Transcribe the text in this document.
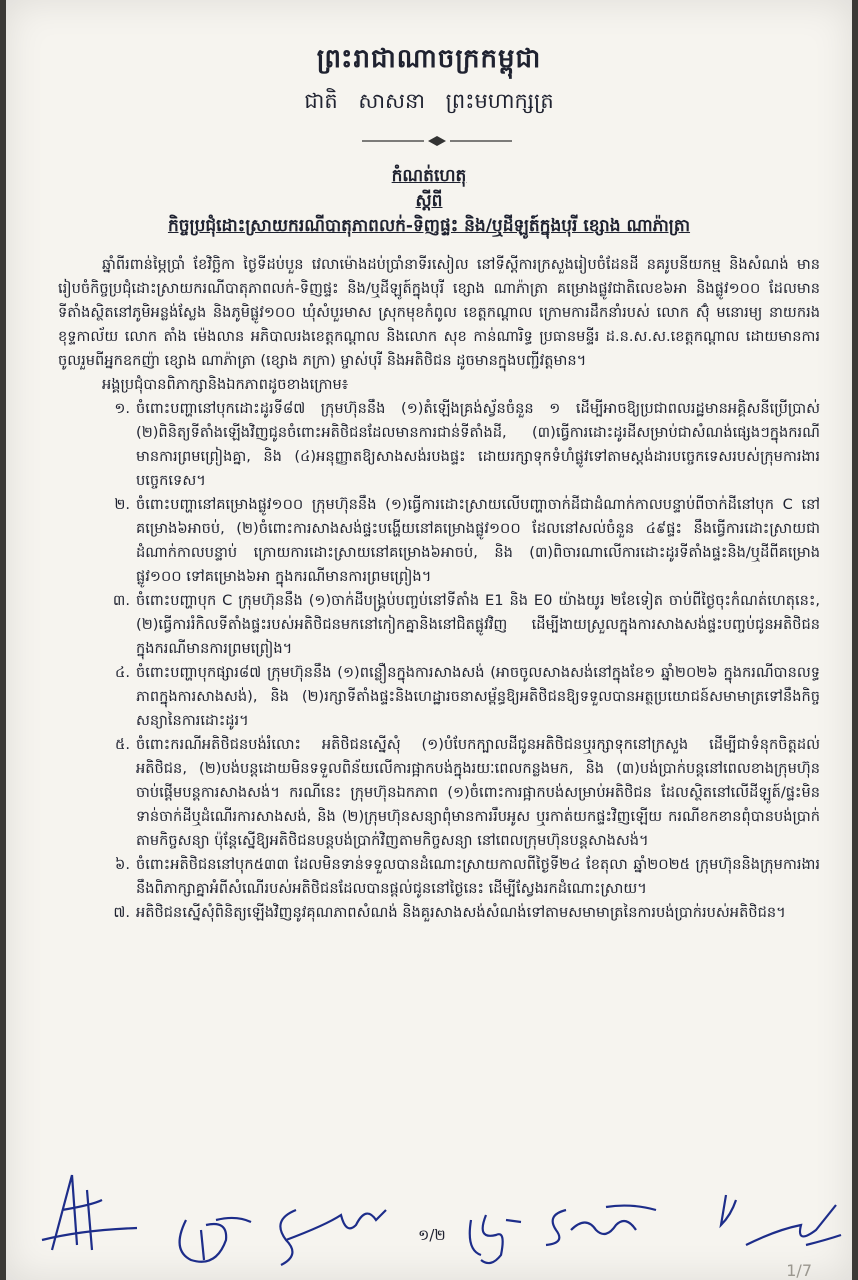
ព្រះរាជាណាចក្រកម្ពុជា
ជាតិ សាសនា ព្រះមហាក្សត្រ
កំណត់ហេតុ
ស្ដីពី
កិច្ចប្រជុំដោះស្រាយករណីបាតុភាពលក់-ទិញផ្ទះ និង/ឬដីឡូត៍ក្នុងបុរី ខ្សោង ណាភ៉ាត្រា

ឆ្នាំពីរពាន់ម្ភៃប្រាំ ខែវិច្ឆិកា ថ្ងៃទីដប់បួន វេលាម៉ោងដប់ប្រាំនាទីរសៀល នៅទីស្ដីការក្រសួងរៀបចំដែនដី នគរូបនីយកម្ម និងសំណង់ មានរៀបចំកិច្ចប្រជុំដោះស្រាយករណីបាតុភាពលក់-ទិញផ្ទះ និង/ឬដីឡូត៍ក្នុងបុរី ខ្សោង ណាភ៉ាត្រា គម្រោងផ្លូវជាតិលេខ៦អា និងផ្លូវ១០០ ដែលមានទីតាំងស្ថិតនៅភូមិអន្លង់ស្លែង និងភូមិផ្លូវ១០០ ឃុំសំបួរមាស ស្រុកមុខកំពូល ខេត្តកណ្ដាល ក្រោមការដឹកនាំរបស់ លោក ស៊ុំ មនោរម្យ នាយករងខុទ្ទកាល័យ លោក តាំង ម៉េងលាន អភិបាលរងខេត្តកណ្ដាល និងលោក សុខ កាន់ណារិទ្ធ ប្រធានមន្ទីរ ដ.ន.ស.ស.ខេត្តកណ្ដាល ដោយមានការចូលរួមពីអ្នកឧកញ៉ា ខ្សោង ណាភ៉ាត្រា (ខ្សោង ភក្រា) ម្ចាស់បុរី និងអតិថិជន ដូចមានក្នុងបញ្ជីវត្តមាន។

អង្គប្រជុំបានពិភាក្សានិងឯកភាពដូចខាងក្រោម៖

១. ចំពោះបញ្ហានៅបុកដោះដូរទី៨៧ ក្រុមហ៊ុននឹង (១)តំឡើងគ្រង់ស្វ័នចំនួន ១ ដើម្បីអាចឱ្យប្រជាពលរដ្ឋមានអគ្គិសនីប្រើប្រាស់ (២)ពិនិត្យទីតាំងឡើងវិញជូនចំពោះអតិថិជនដែលមានការជាន់ទីតាំងដី, (៣)ធ្វើការដោះដូរដីសម្រាប់ជាសំណង់ផ្សេងៗក្នុងករណីមានការព្រមព្រៀងគ្នា, និង (៤)អនុញ្ញាតឱ្យសាងសង់របងផ្ទះ ដោយរក្សាទុកទំហំផ្លូវទៅតាមស្ដង់ដារបច្ចេកទេសរបស់ក្រុមការងារបច្ចេកទេស។
២. ចំពោះបញ្ហានៅគម្រោងផ្លូវ១០០ ក្រុមហ៊ុននឹង (១)ធ្វើការដោះស្រាយលើបញ្ហាចាក់ដីជាដំណាក់កាលបន្ទាប់ពីចាក់ដីនៅបុក C នៅគម្រោង៦អាចប់, (២)ចំពោះការសាងសង់ផ្ទះបង្ហើយនៅគម្រោងផ្លូវ១០០ ដែលនៅសល់ចំនួន ៤៩ផ្ទះ នឹងធ្វើការដោះស្រាយជាដំណាក់កាលបន្ទាប់ ក្រោយការដោះស្រាយនៅគម្រោង៦អាចប់, និង (៣)ពិចារណាលើការដោះដូរទីតាំងផ្ទះនិង/ឬដីពីគម្រោងផ្លូវ១០០ ទៅគម្រោង៦អា ក្នុងករណីមានការព្រមព្រៀង។
៣. ចំពោះបញ្ហាបុក C ក្រុមហ៊ុននឹង (១)ចាក់ដីបង្គ្រប់បញ្ចប់នៅទីតាំង E1 និង E0 យ៉ាងយូរ ២ខែទៀត ចាប់ពីថ្ងៃចុះកំណត់ហេតុនេះ, (២)ធ្វើការរំកិលទីតាំងផ្ទះរបស់អតិថិជនមកនៅកៀកគ្នានិងនៅជិតផ្លូវវិញ ដើម្បីងាយស្រួលក្នុងការសាងសង់ផ្ទះបញ្ចប់ជូនអតិថិជន ក្នុងករណីមានការព្រមព្រៀង។
៤. ចំពោះបញ្ហាបុកផ្សារ៨៧ ក្រុមហ៊ុននឹង (១)ពន្លឿនក្នុងការសាងសង់ (អាចចូលសាងសង់នៅក្នុងខែ១ ឆ្នាំ២០២៦ ក្នុងករណីបានលទ្ធភាពក្នុងការសាងសង់), និង (២)រក្សាទីតាំងផ្ទះនិងហេដ្ឋារចនាសម្ព័ន្ធឱ្យអតិថិជនឱ្យទទួលបានអត្ថប្រយោជន៍សមាមាត្រទៅនឹងកិច្ចសន្យានៃការដោះដូរ។
៥. ចំពោះករណីអតិថិជនបង់រំលោះ អតិថិជនស្នើសុំ (១)បំបែកក្បាលដីជូនអតិថិជនឬរក្សាទុកនៅក្រសួង ដើម្បីជាទំនុកចិត្តដល់អតិថិជន, (២)បង់បន្តដោយមិនទទួលពិន័យលើការផ្អាកបង់ក្នុងរយៈពេលកន្លងមក, និង (៣)បង់ប្រាក់បន្តនៅពេលខាងក្រុមហ៊ុនចាប់ផ្ដើមបន្តការសាងសង់។ ករណីនេះ ក្រុមហ៊ុនឯកភាព (១)ចំពោះការផ្អាកបង់សម្រាប់អតិថិជន ដែលស្ថិតនៅលើដីឡូត៍/ផ្ទះមិនទាន់ចាក់ដីឬដំណើរការសាងសង់, និង (២)ក្រុមហ៊ុនសន្យាពុំមានការរឹបអូស ឬរកាត់យកផ្ទះវិញឡើយ ករណីខកខានពុំបានបង់ប្រាក់តាមកិច្ចសន្យា ប៉ុន្តែស្នើឱ្យអតិថិជនបន្តបង់ប្រាក់វិញតាមកិច្ចសន្យា នៅពេលក្រុមហ៊ុនបន្តសាងសង់។
៦. ចំពោះអតិថិជននៅបុក៥៣៣ ដែលមិនទាន់ទទួលបានដំណោះស្រាយកាលពីថ្ងៃទី២៤ ខែតុលា ឆ្នាំ២០២៥ ក្រុមហ៊ុននិងក្រុមការងារនឹងពិភាក្សាគ្នាអំពីសំណើរបស់អតិថិជនដែលបានផ្ដល់ជូននៅថ្ងៃនេះ ដើម្បីស្វែងរកដំណោះស្រាយ។
៧. អតិថិជនស្នើសុំពិនិត្យឡើងវិញនូវគុណភាពសំណង់ និងគួរសាងសង់សំណង់ទៅតាមសមាមាត្រនៃការបង់ប្រាក់របស់អតិថិជន។
១/២
1/7
